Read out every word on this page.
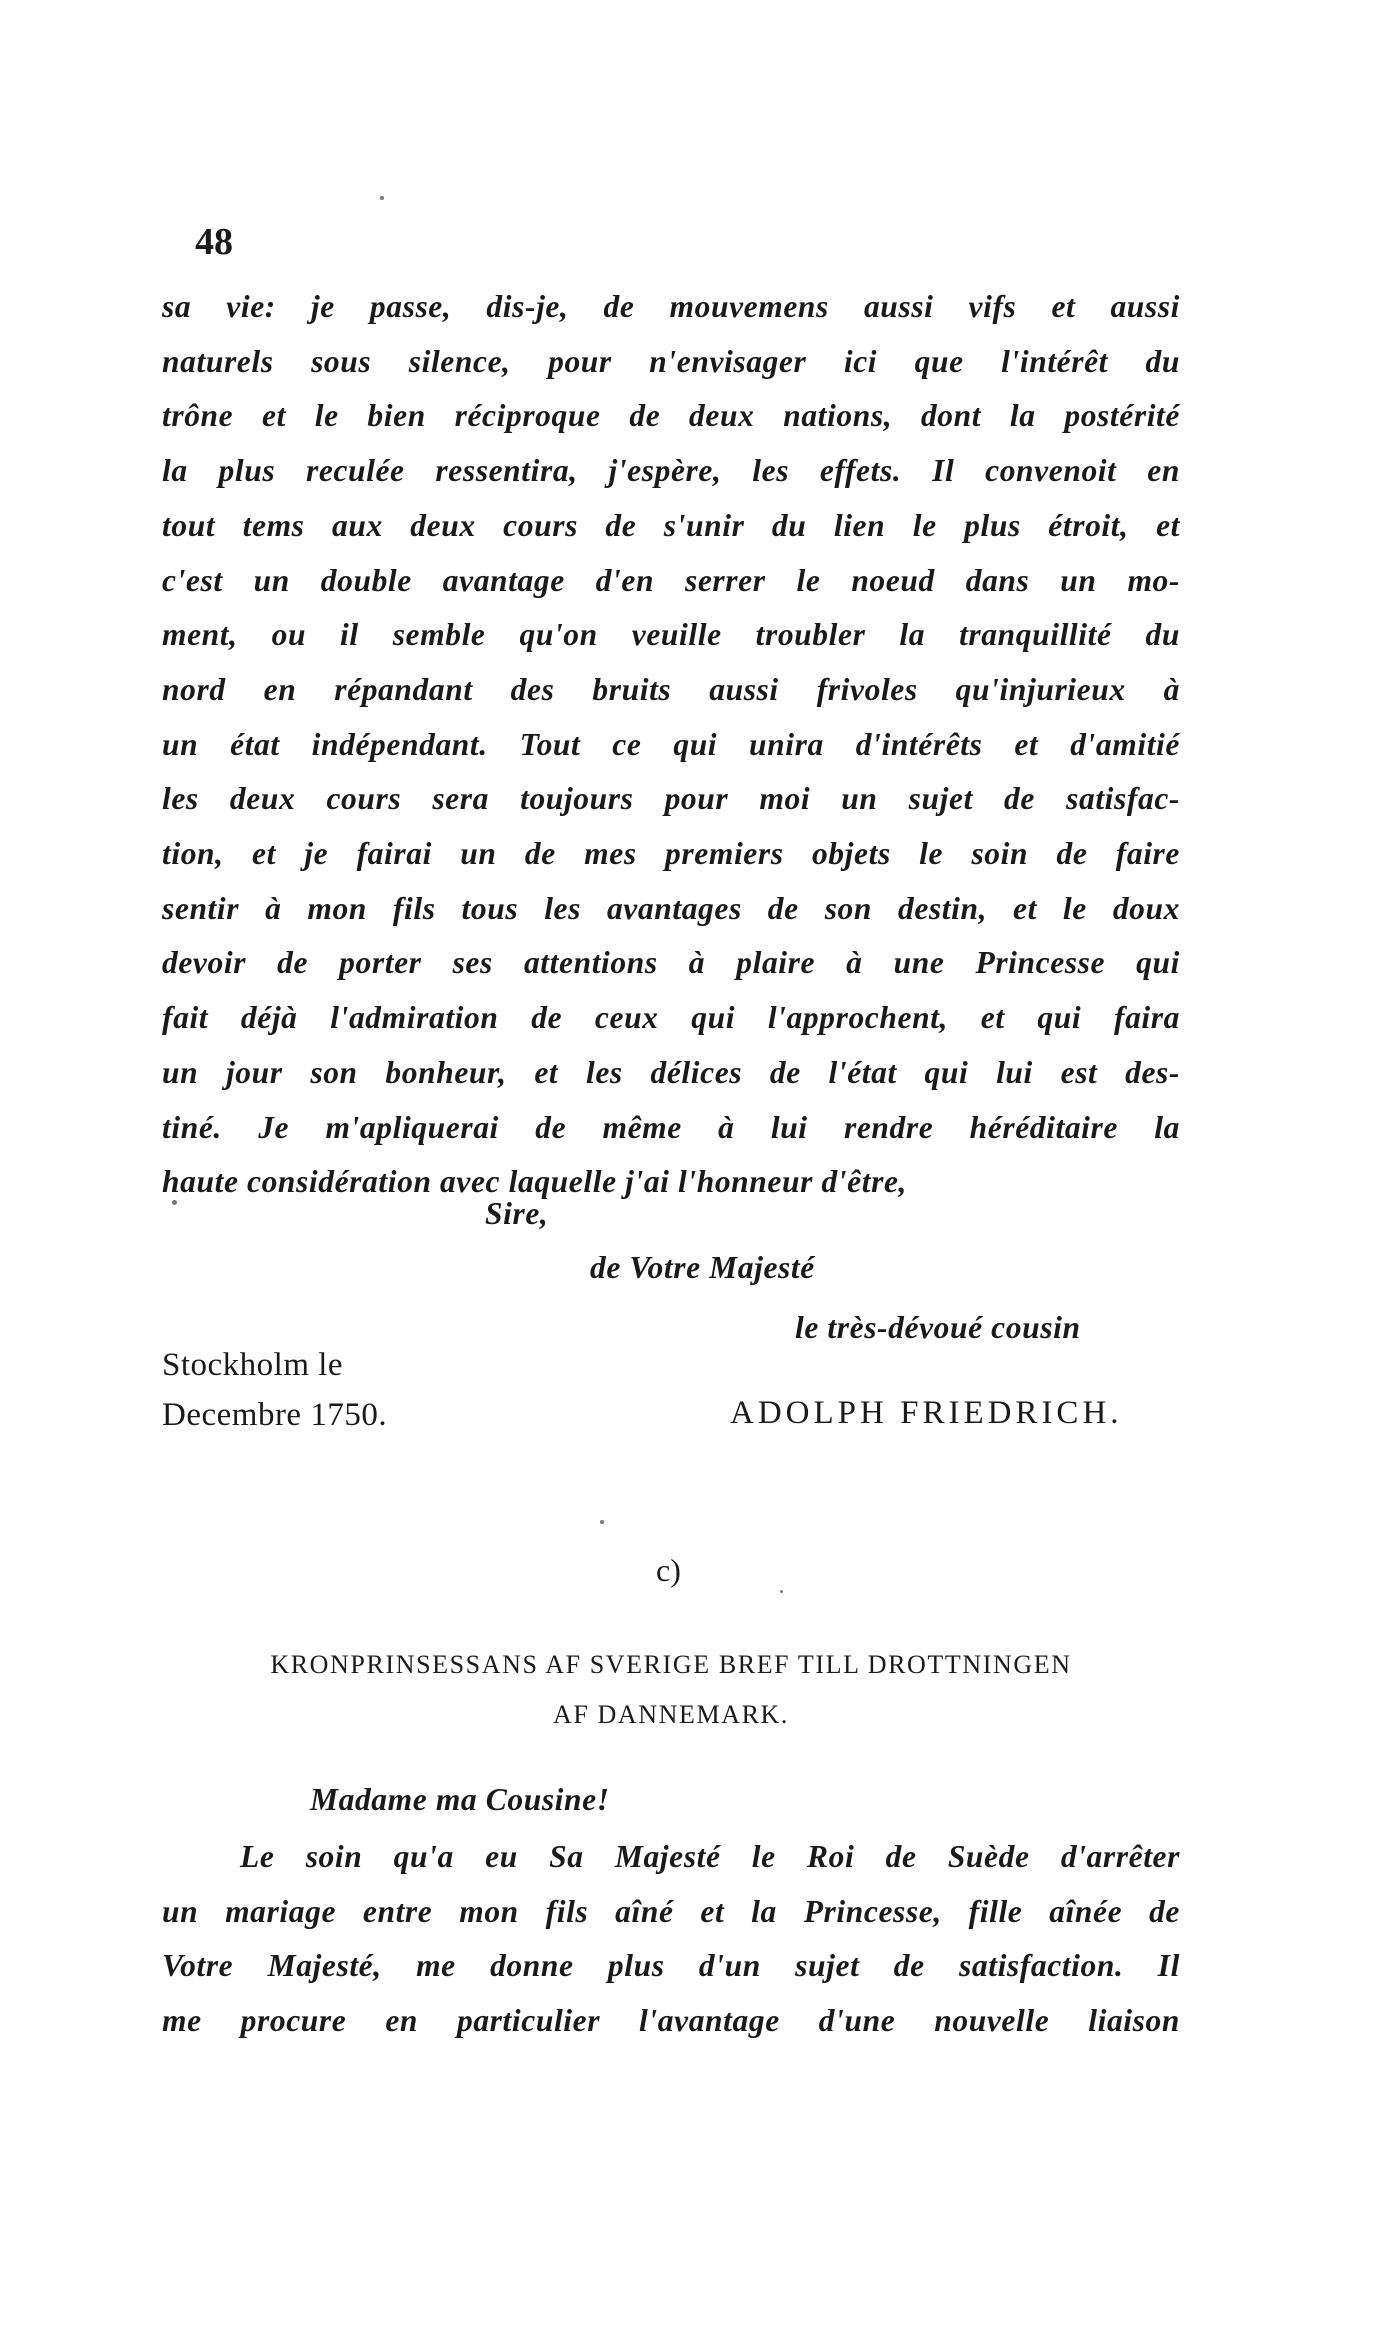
48
sa vie: je passe, dis-je, de mouvemens aussi vifs et aussi
naturels sous silence, pour n'envisager ici que l'intérêt du
trône et le bien réciproque de deux nations, dont la postérité
la plus reculée ressentira, j'espère, les effets. Il convenoit en
tout tems aux deux cours de s'unir du lien le plus étroit, et
c'est un double avantage d'en serrer le noeud dans un mo-
ment, ou il semble qu'on veuille troubler la tranquillité du
nord en répandant des bruits aussi frivoles qu'injurieux à
un état indépendant. Tout ce qui unira d'intérêts et d'amitié
les deux cours sera toujours pour moi un sujet de satisfac-
tion, et je fairai un de mes premiers objets le soin de faire
sentir à mon fils tous les avantages de son destin, et le doux
devoir de porter ses attentions à plaire à une Princesse qui
fait déjà l'admiration de ceux qui l'approchent, et qui faira
un jour son bonheur, et les délices de l'état qui lui est des-
tiné. Je m'apliquerai de même à lui rendre héréditaire la
haute considération avec laquelle j'ai l'honneur d'être,
Sire,
de Votre Majesté
le très-dévoué cousin
Stockholm le
Decembre 1750.	ADOLPH FRIEDRICH.
c)
KRONPRINSESSANS AF SVERIGE BREF TILL DROTTNINGEN
AF DANNEMARK.
Madame ma Cousine!
Le soin qu'a eu Sa Majesté le Roi de Suède d'arrêter
un mariage entre mon fils aîné et la Princesse, fille aînée de
Votre Majesté, me donne plus d'un sujet de satisfaction. Il
me procure en particulier l'avantage d'une nouvelle liaison
